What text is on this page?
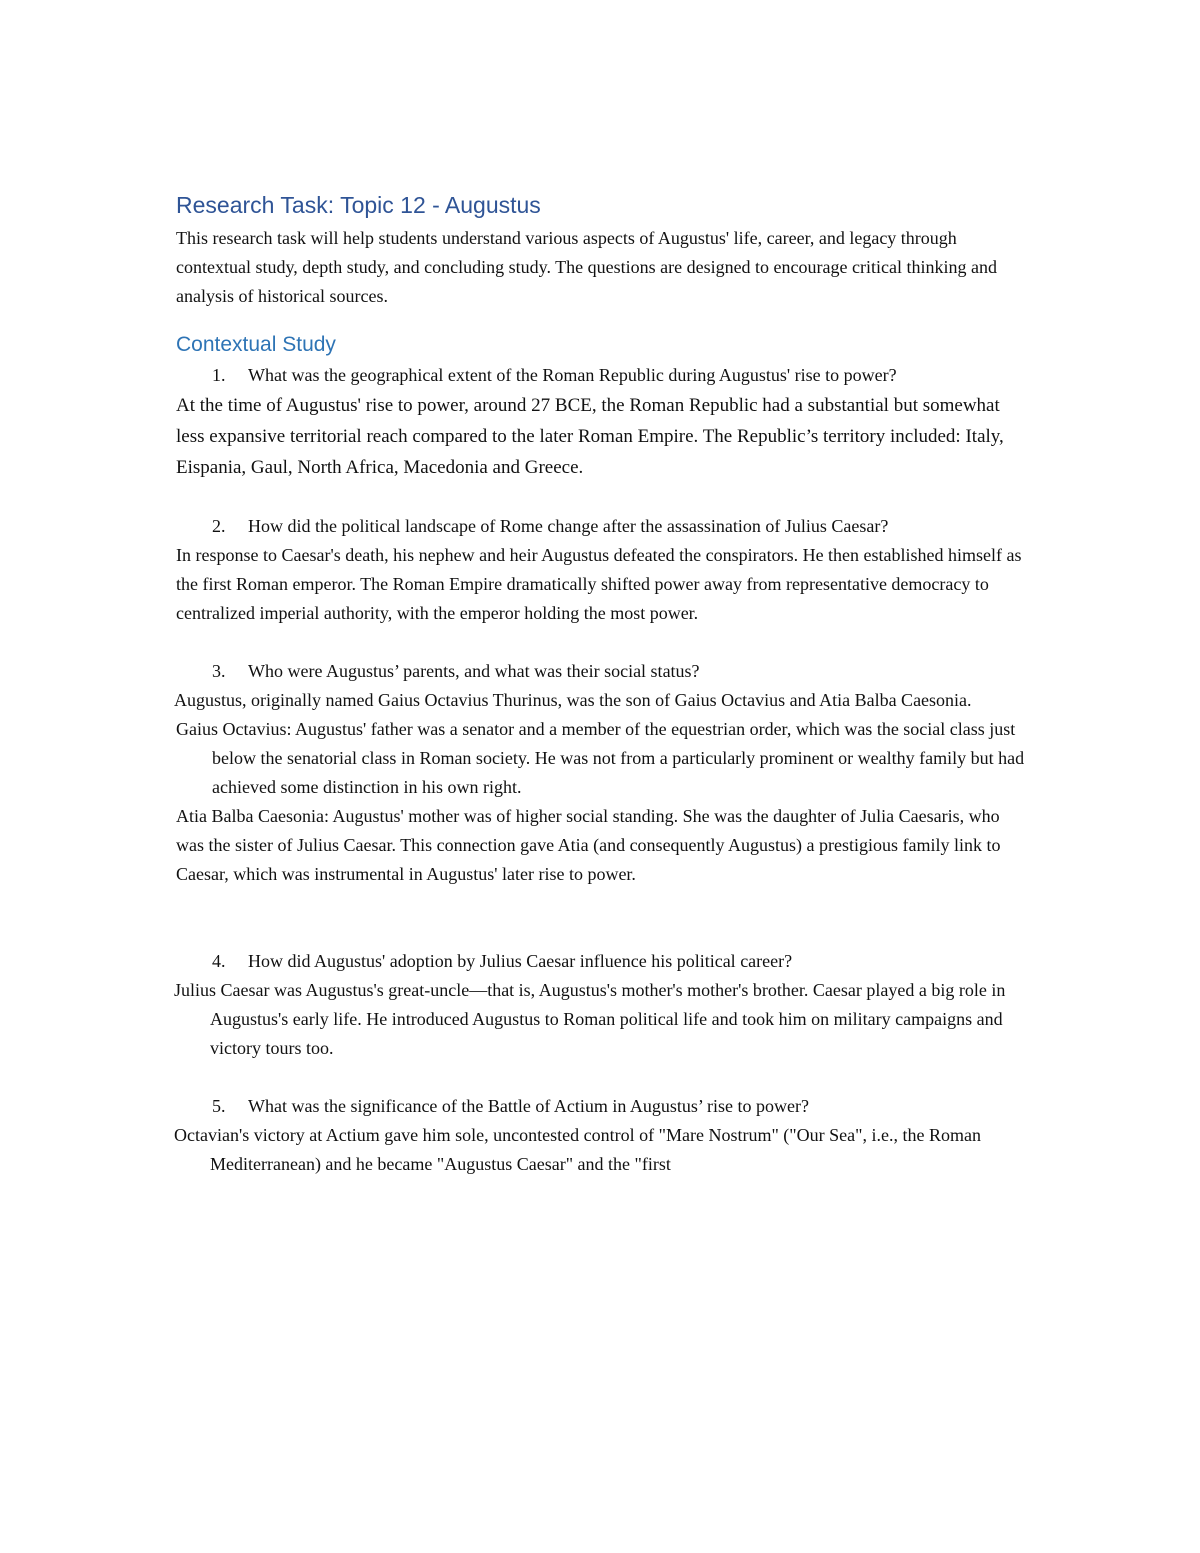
Research Task: Topic 12 - Augustus

This research task will help students understand various aspects of Augustus' life, career, and legacy through contextual study, depth study, and concluding study. The questions are designed to encourage critical thinking and analysis of historical sources.

Contextual Study
1. What was the geographical extent of the Roman Republic during Augustus' rise to power?

At the time of Augustus' rise to power, around 27 BCE, the Roman Republic had a substantial but somewhat less expansive territorial reach compared to the later Roman Empire. The Republic’s territory included: Italy, Eispania, Gaul, North Africa, Macedonia and Greece.

2. How did the political landscape of Rome change after the assassination of Julius Caesar?

In response to Caesar's death, his nephew and heir Augustus defeated the conspirators. He then established himself as the first Roman emperor. The Roman Empire dramatically shifted power away from representative democracy to centralized imperial authority, with the emperor holding the most power.

3. Who were Augustus’ parents, and what was their social status?

Augustus, originally named Gaius Octavius Thurinus, was the son of Gaius Octavius and Atia Balba Caesonia.

Gaius Octavius: Augustus' father was a senator and a member of the equestrian order, which was the social class just below the senatorial class in Roman society. He was not from a particularly prominent or wealthy family but had achieved some distinction in his own right.

Atia Balba Caesonia: Augustus' mother was of higher social standing. She was the daughter of Julia Caesaris, who was the sister of Julius Caesar. This connection gave Atia (and consequently Augustus) a prestigious family link to Caesar, which was instrumental in Augustus' later rise to power.

4. How did Augustus' adoption by Julius Caesar influence his political career?

Julius Caesar was Augustus's great-uncle—that is, Augustus's mother's mother's brother. Caesar played a big role in Augustus's early life. He introduced Augustus to Roman political life and took him on military campaigns and victory tours too.

5. What was the significance of the Battle of Actium in Augustus’ rise to power?

Octavian's victory at Actium gave him sole, uncontested control of "Mare Nostrum" ("Our Sea", i.e., the Roman Mediterranean) and he became "Augustus Caesar" and the "first
